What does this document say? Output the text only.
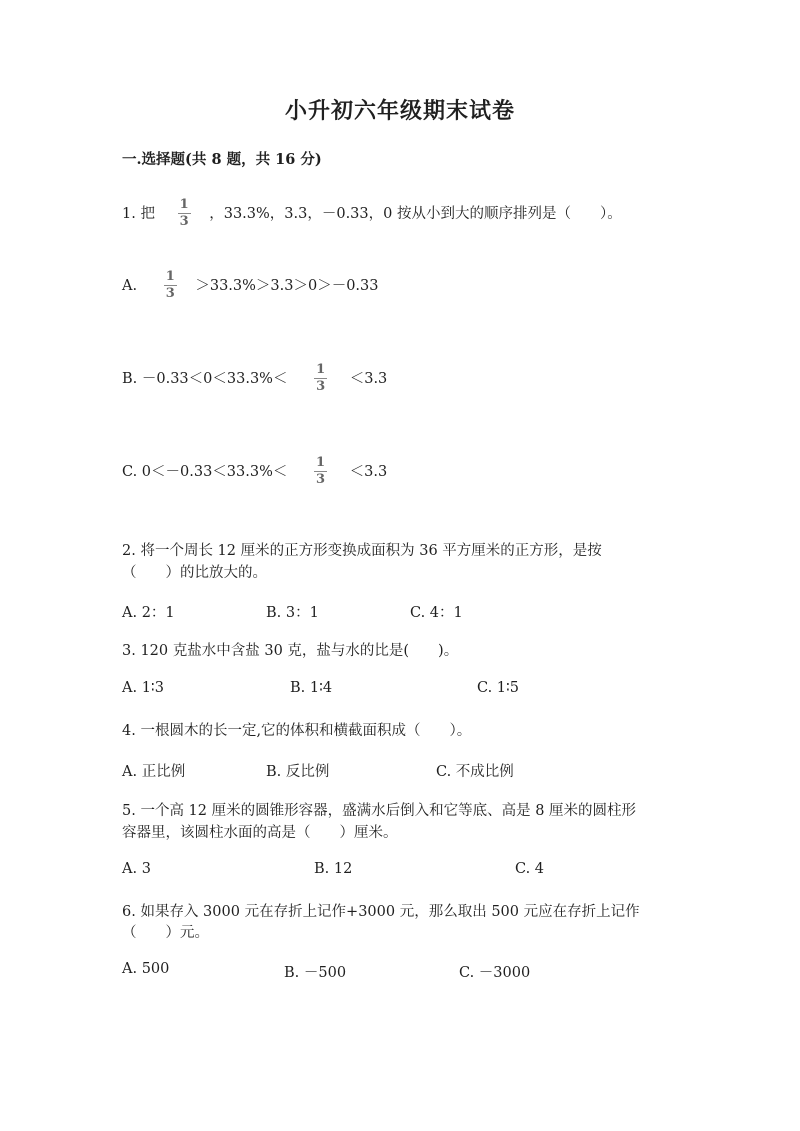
小升初六年级期末试卷
一.选择题(共 8 题，共 16 分)
1. 把 $\frac{1}{3}$ ，33.3%，3.3，－0.33，0 按从小到大的顺序排列是（　　）。
A. $\frac{1}{3} >33.3\%>3.3>0>-0.33$
B. $-0.33<0<33.3\%< \frac{1}{3} <3.3$
C. $0<-0.33<33.3\%< \frac{1}{3} <3.3$
2. 将一个周长 12 厘米的正方形变换成面积为 36 平方厘米的正方形，是按
（　　）的比放大的。
A. 2：1	B. 3：1	C. 4：1
3. 120 克盐水中含盐 30 克，盐与水的比是(　　)。
A. 1∶3	B. 1∶4	C. 1∶5
4. 一根圆木的长一定,它的体积和横截面积成（　　）。
A. 正比例	B. 反比例	C. 不成比例
5. 一个高 12 厘米的圆锥形容器，盛满水后倒入和它等底、高是 8 厘米的圆柱形
容器里，该圆柱水面的高是（　　）厘米。
A. 3	B. 12	C. 4
6. 如果存入 3000 元在存折上记作+3000 元，那么取出 500 元应在存折上记作
（　　）元。
A. 500	B. －500	C. －3000
